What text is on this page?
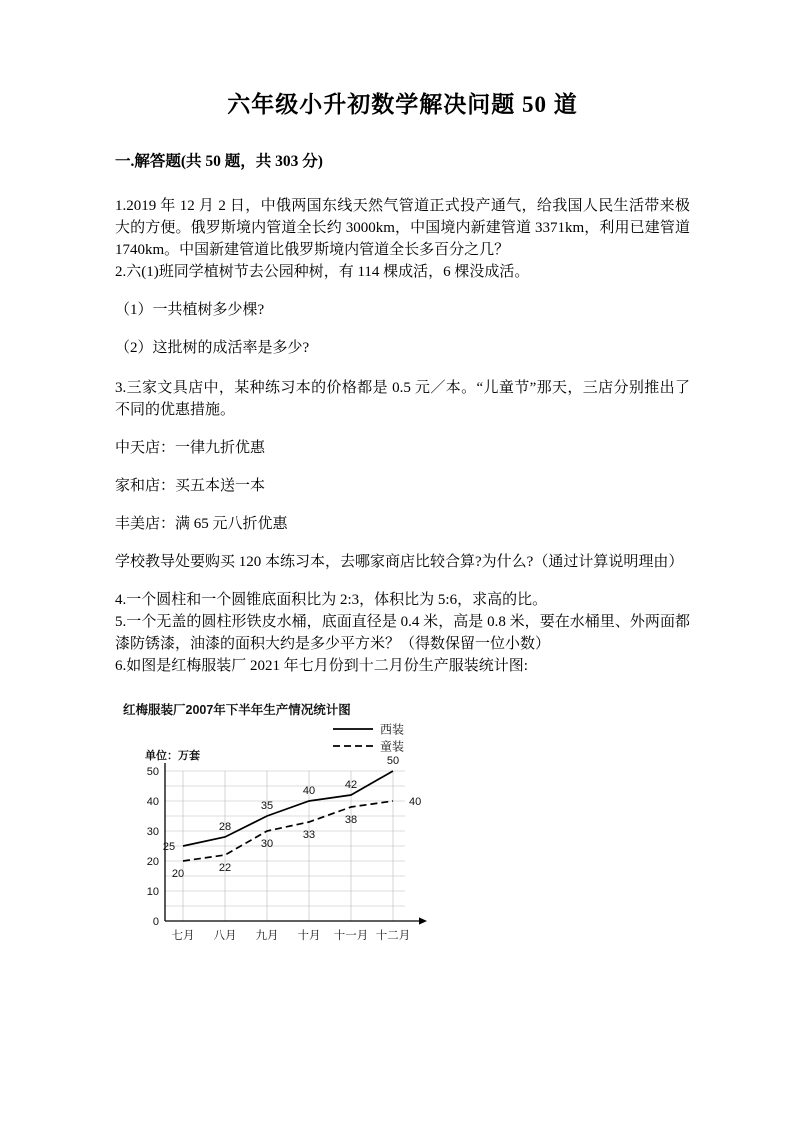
六年级小升初数学解决问题 50 道
一.解答题(共 50 题，共 303 分)

1.2019 年 12 月 2 日，中俄两国东线天然气管道正式投产通气，给我国人民生活带来极大的方便。俄罗斯境内管道全长约 3000km，中国境内新建管道 3371km，利用已建管道 1740km。中国新建管道比俄罗斯境内管道全长多百分之几？

2.六(1)班同学植树节去公园种树，有 114 棵成活，6 棵没成活。

（1）一共植树多少棵?

（2）这批树的成活率是多少?

3.三家文具店中，某种练习本的价格都是 0.5 元／本。“儿童节”那天，三店分别推出了不同的优惠措施。

中天店：一律九折优惠

家和店：买五本送一本

丰美店：满 65 元八折优惠

学校教导处要购买 120 本练习本，去哪家商店比较合算?为什么?（通过计算说明理由）

4.一个圆柱和一个圆锥底面积比为 2:3，体积比为 5:6，求高的比。

5.一个无盖的圆柱形铁皮水桶，底面直径是 0.4 米，高是 0.8 米，要在水桶里、外两面都漆防锈漆，油漆的面积大约是多少平方米？（得数保留一位小数）

6.如图是红梅服装厂 2021 年七月份到十二月份生产服装统计图:

0
10
20
30
40
50
七月 八月 九月 十月 十一月 十二月
25
28
35
40	42
50
20	22
30
33
38
40
红梅服装厂2007年下半年生产情况统计图
单位：万套
西装
童装
